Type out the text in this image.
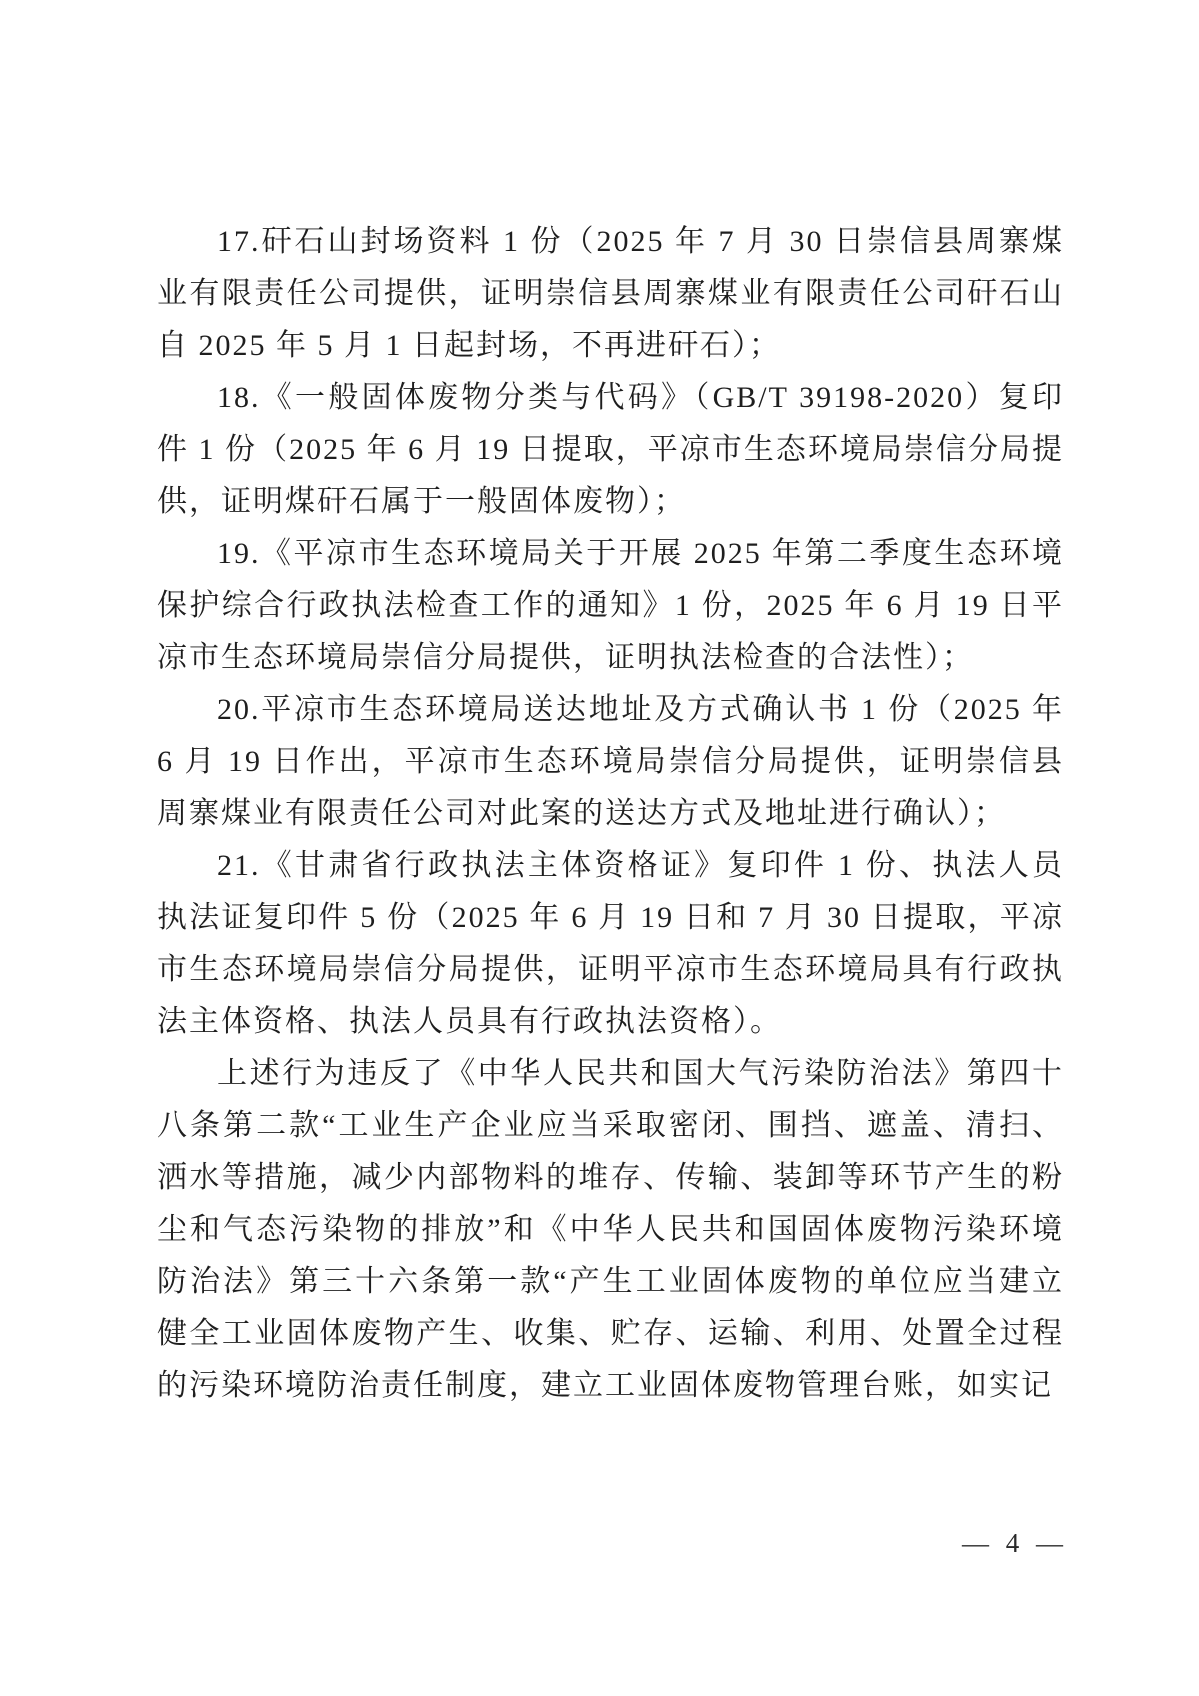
17.矸石山封场资料 1 份（2025 年 7 月 30 日崇信县周寨煤业有限责任公司提供，证明崇信县周寨煤业有限责任公司矸石山自 2025 年 5 月 1 日起封场，不再进矸石）；

18.《一般固体废物分类与代码》（GB/T 39198-2020）复印件 1 份（2025 年 6 月 19 日提取，平凉市生态环境局崇信分局提供，证明煤矸石属于一般固体废物）；

19.《平凉市生态环境局关于开展 2025 年第二季度生态环境保护综合行政执法检查工作的通知》1 份，2025 年 6 月 19 日平凉市生态环境局崇信分局提供，证明执法检查的合法性）；

20.平凉市生态环境局送达地址及方式确认书 1 份（2025 年 6 月 19 日作出，平凉市生态环境局崇信分局提供，证明崇信县周寨煤业有限责任公司对此案的送达方式及地址进行确认）；

21.《甘肃省行政执法主体资格证》复印件 1 份、执法人员执法证复印件 5 份（2025 年 6 月 19 日和 7 月 30 日提取，平凉市生态环境局崇信分局提供，证明平凉市生态环境局具有行政执法主体资格、执法人员具有行政执法资格）。

上述行为违反了《中华人民共和国大气污染防治法》第四十八条第二款“工业生产企业应当采取密闭、围挡、遮盖、清扫、洒水等措施，减少内部物料的堆存、传输、装卸等环节产生的粉尘和气态污染物的排放”和《中华人民共和国固体废物污染环境防治法》第三十六条第一款“产生工业固体废物的单位应当建立健全工业固体废物产生、收集、贮存、运输、利用、处置全过程的污染环境防治责任制度，建立工业固体废物管理台账，如实记

— 4 —
